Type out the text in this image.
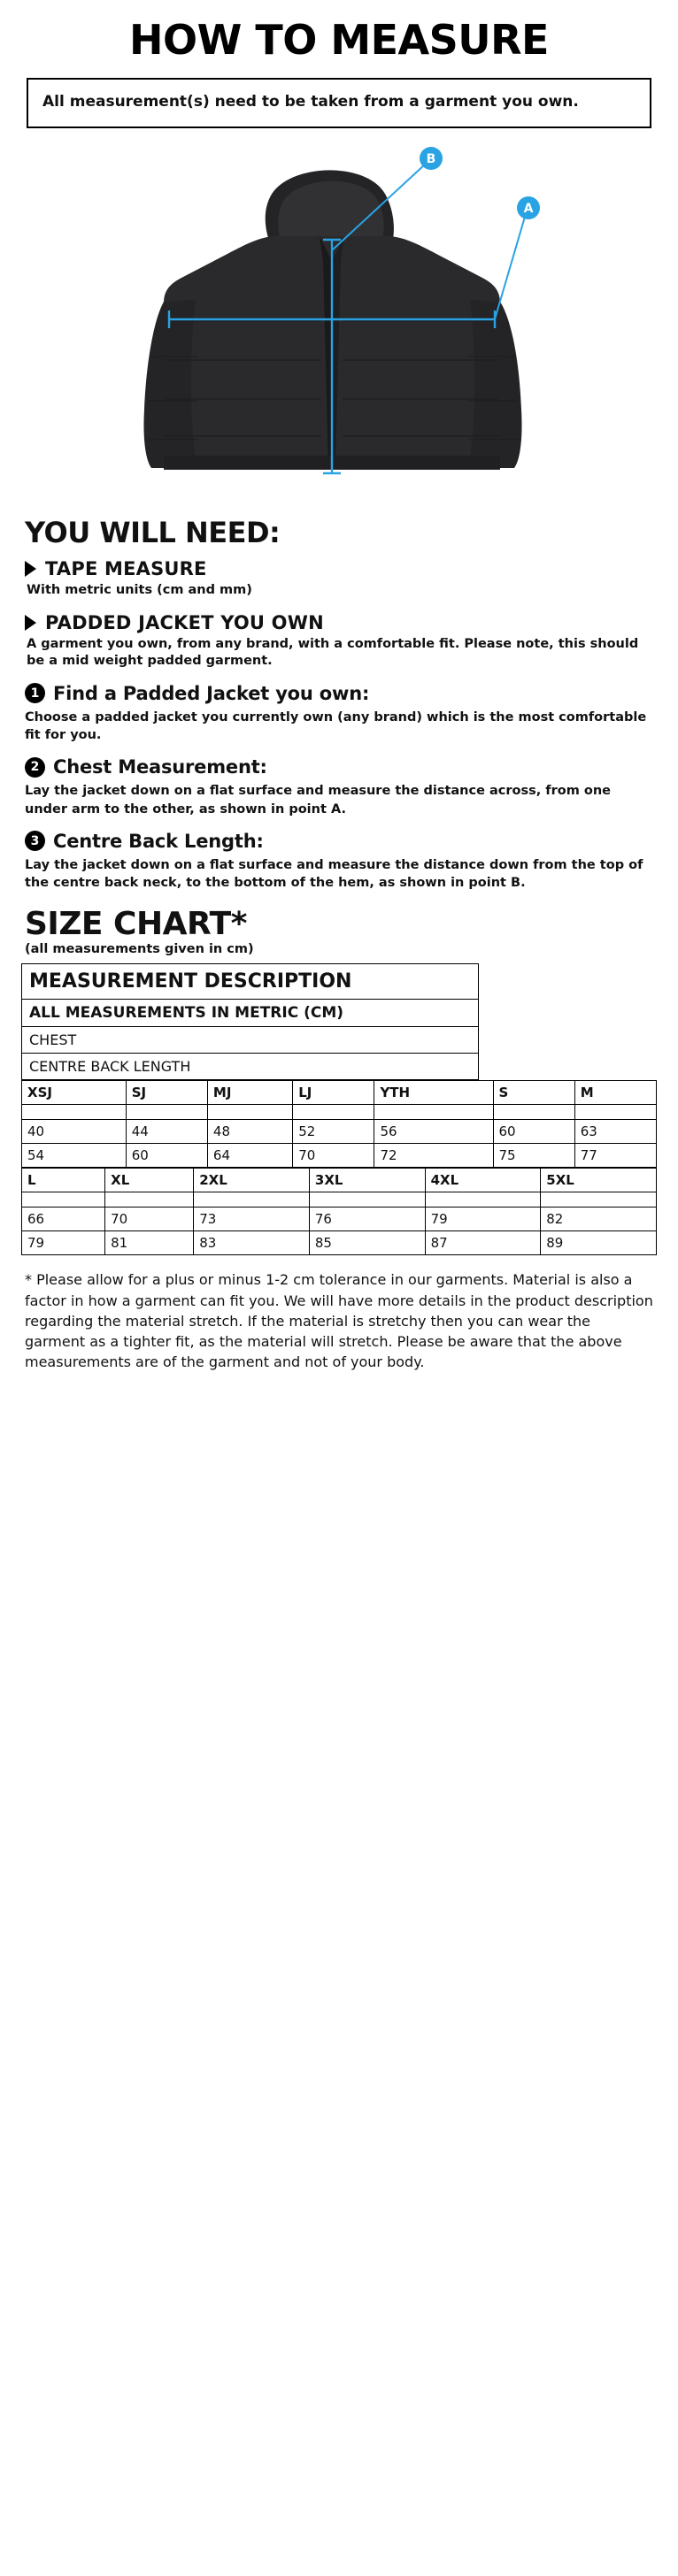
HOW TO MEASURE
All measurement(s) need to be taken from a garment you own.
B
A
YOU WILL NEED:
TAPE MEASURE
With metric units (cm and mm)
PADDED JACKET YOU OWN
A garment you own, from any brand, with a comfortable fit. Please note, this should be a mid weight padded garment.
1 Find a Padded Jacket you own:
Choose a padded jacket you currently own (any brand) which is the most comfortable fit for you.
2 Chest Measurement:
Lay the jacket down on a flat surface and measure the distance across, from one under arm to the other, as shown in point A.
3 Centre Back Length:
Lay the jacket down on a flat surface and measure the distance down from the top of the centre back neck, to the bottom of the hem, as shown in point B.
SIZE CHART*
(all measurements given in cm)
MEASUREMENT DESCRIPTION
ALL MEASUREMENTS IN METRIC (CM)
CHEST
CENTRE BACK LENGTH
XSJ	SJ	MJ	LJ	YTH	S	M

40	44	48	52	56	60	63
54	60	64	70	72	75	77
L	XL	2XL	3XL	4XL	5XL

66	70	73	76	79	82
79	81	83	85	87	89
* Please allow for a plus or minus 1-2 cm tolerance in our garments. Material is also a factor in how a garment can fit you. We will have more details in the product description regarding the material stretch. If the material is stretchy then you can wear the garment as a tighter fit, as the material will stretch. Please be aware that the above measurements are of the garment and not of your body.
